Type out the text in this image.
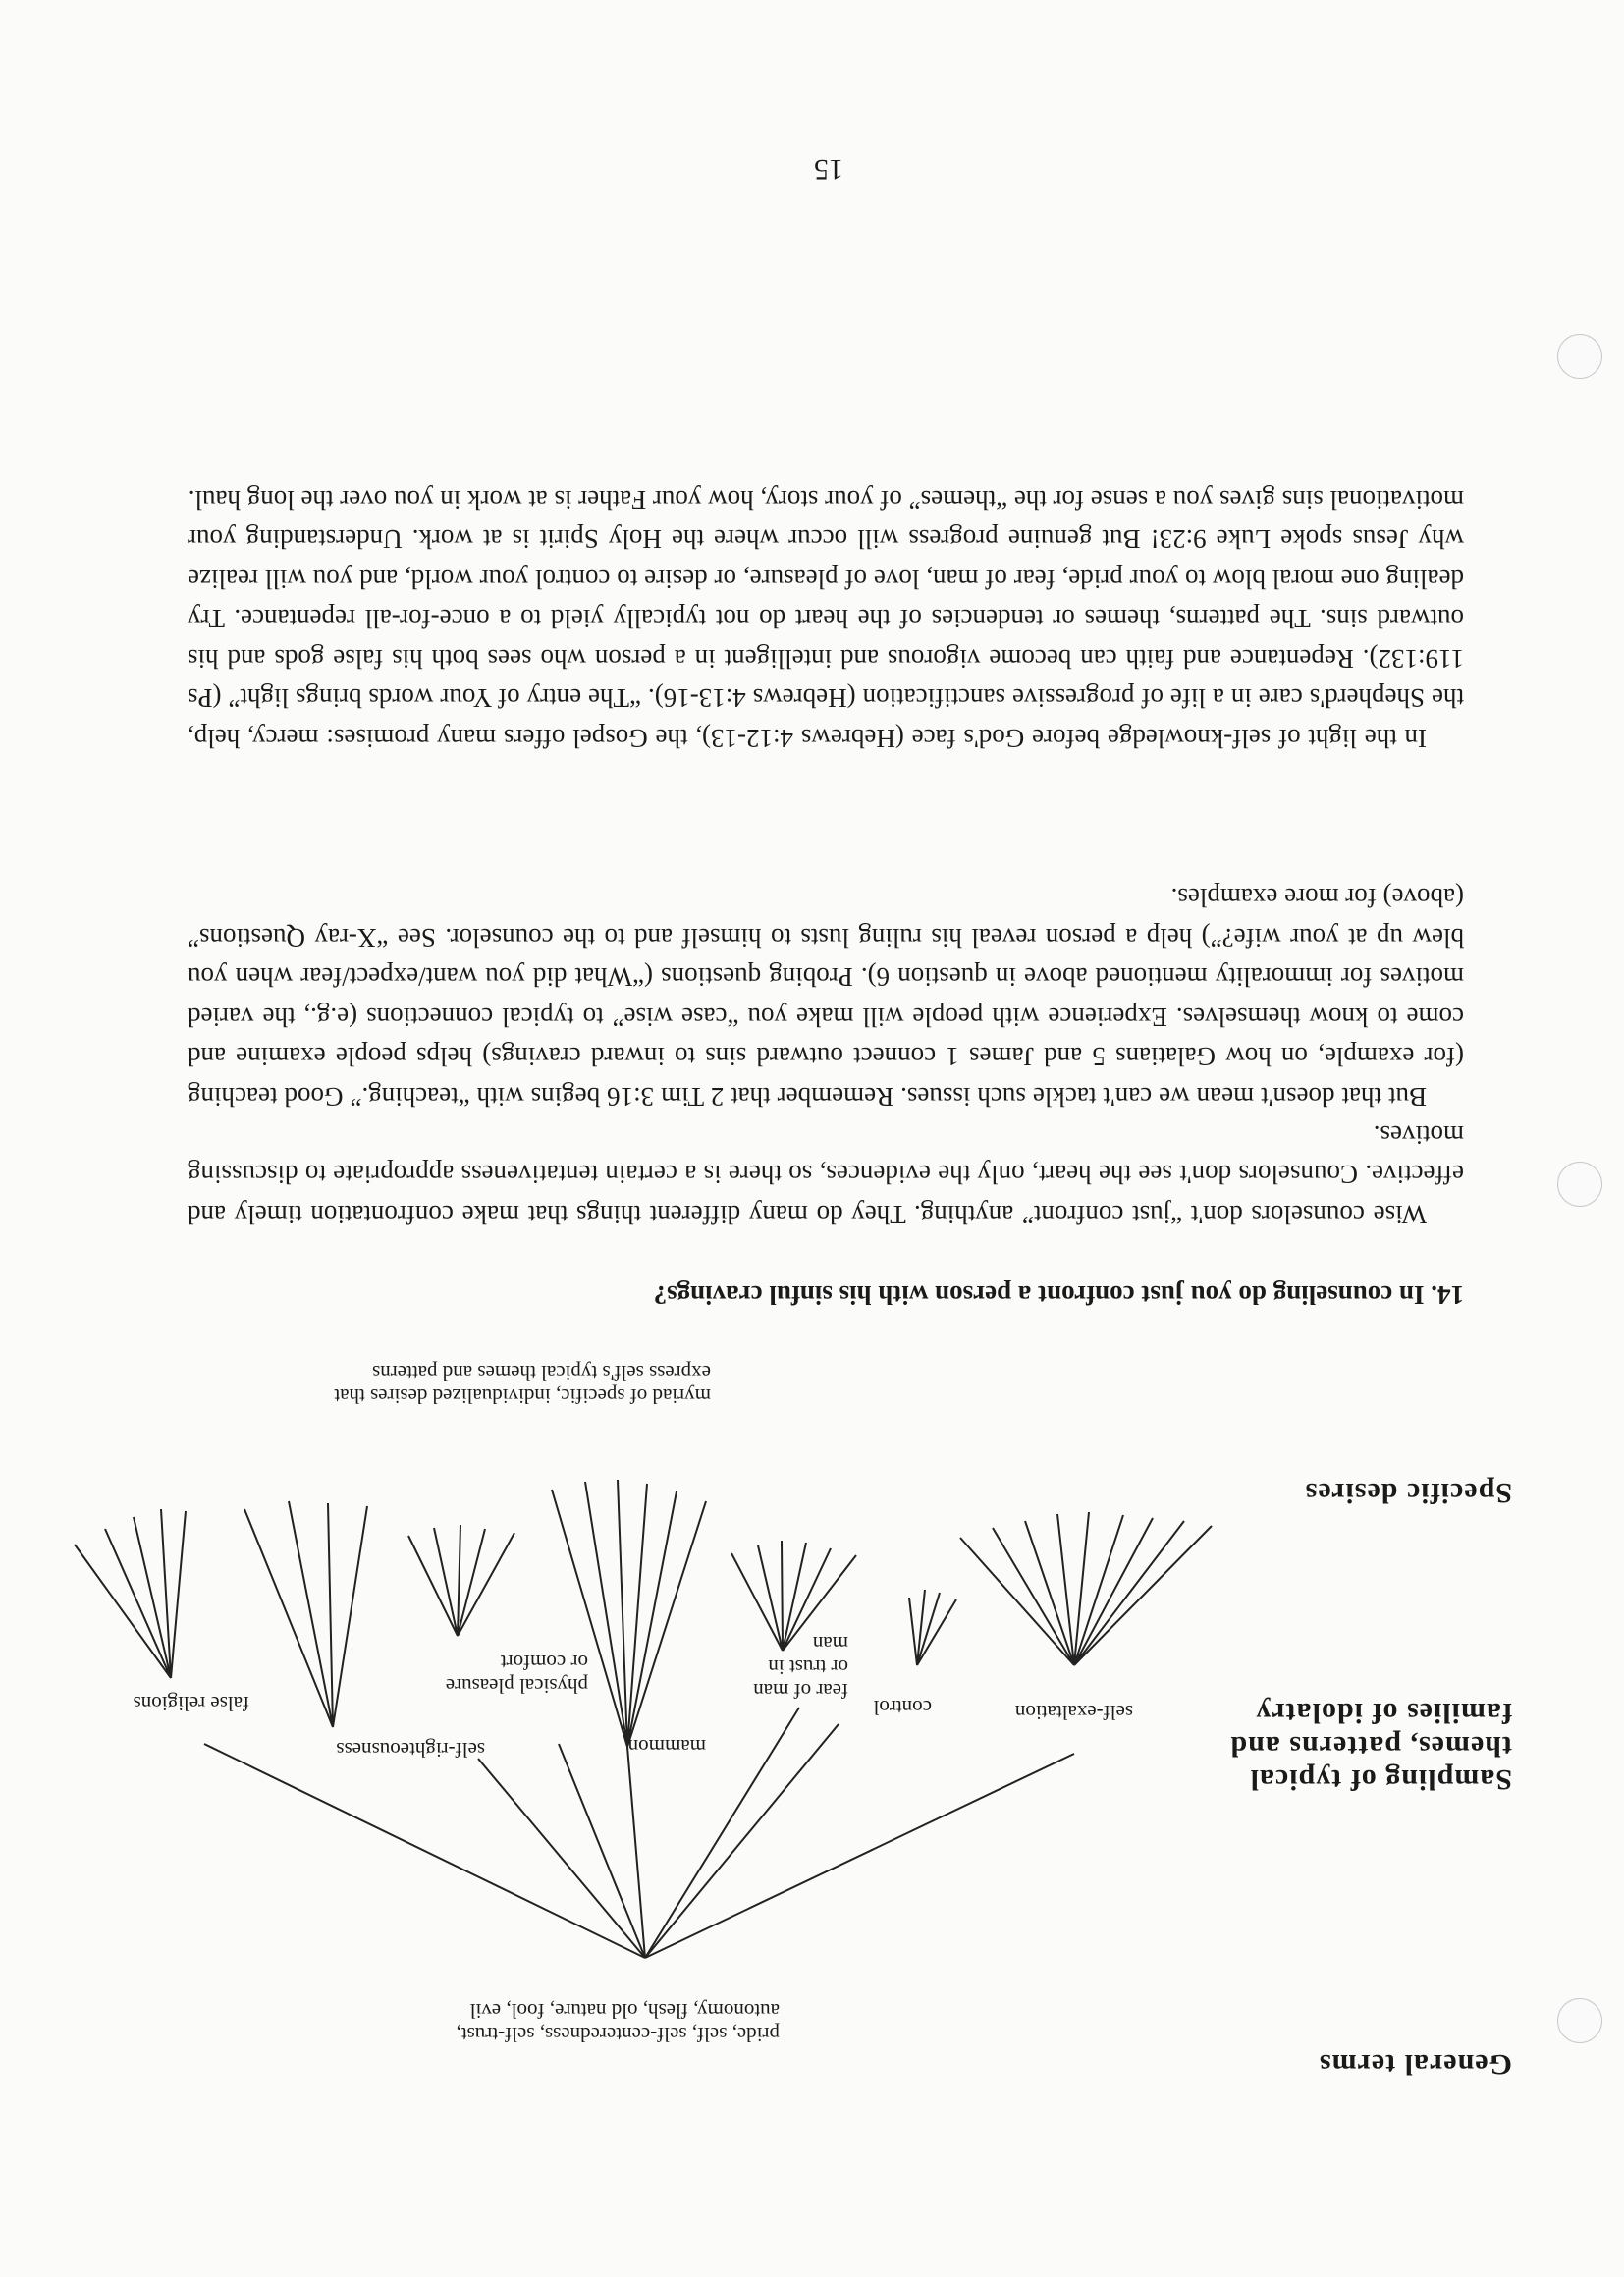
General terms
pride, self, self-centeredness, self-trust, autonomy, flesh, old nature, fool, evil
Sampling of typical themes, patterns and families of idolatry
self-exaltation
control
fear of man or trust in man
mammon
physical pleasure or comfort
self-righteousness
false religions
Specific desires
myriad of specific, individualized desires that express self's typical themes and patterns
14. In counseling do you just confront a person with his sinful cravings?

Wise counselors don't “just confront” anything. They do many different things that make confrontation timely and effective. Counselors don't see the heart, only the evidences, so there is a certain tentativeness appropriate to discussing motives.

But that doesn't mean we can't tackle such issues. Remember that 2 Tim 3:16 begins with “teaching.” Good teaching (for example, on how Galatians 5 and James 1 connect outward sins to inward cravings) helps people examine and come to know themselves. Experience with people will make you “case wise” to typical connections (e.g., the varied motives for immorality mentioned above in question 6). Probing questions (“What did you want/expect/fear when you blew up at your wife?”) help a person reveal his ruling lusts to himself and to the counselor. See “X-ray Questions” (above) for more examples.

In the light of self-knowledge before God's face (Hebrews 4:12-13), the Gospel offers many promises: mercy, help, the Shepherd's care in a life of progressive sanctification (Hebrews 4:13-16). “The entry of Your words brings light” (Ps 119:132). Repentance and faith can become vigorous and intelligent in a person who sees both his false gods and his outward sins. The patterns, themes or tendencies of the heart do not typically yield to a once-for-all repentance. Try dealing one moral blow to your pride, fear of man, love of pleasure, or desire to control your world, and you will realize why Jesus spoke Luke 9:23! But genuine progress will occur where the Holy Spirit is at work. Understanding your motivational sins gives you a sense for the “themes” of your story, how your Father is at work in you over the long haul.

15
